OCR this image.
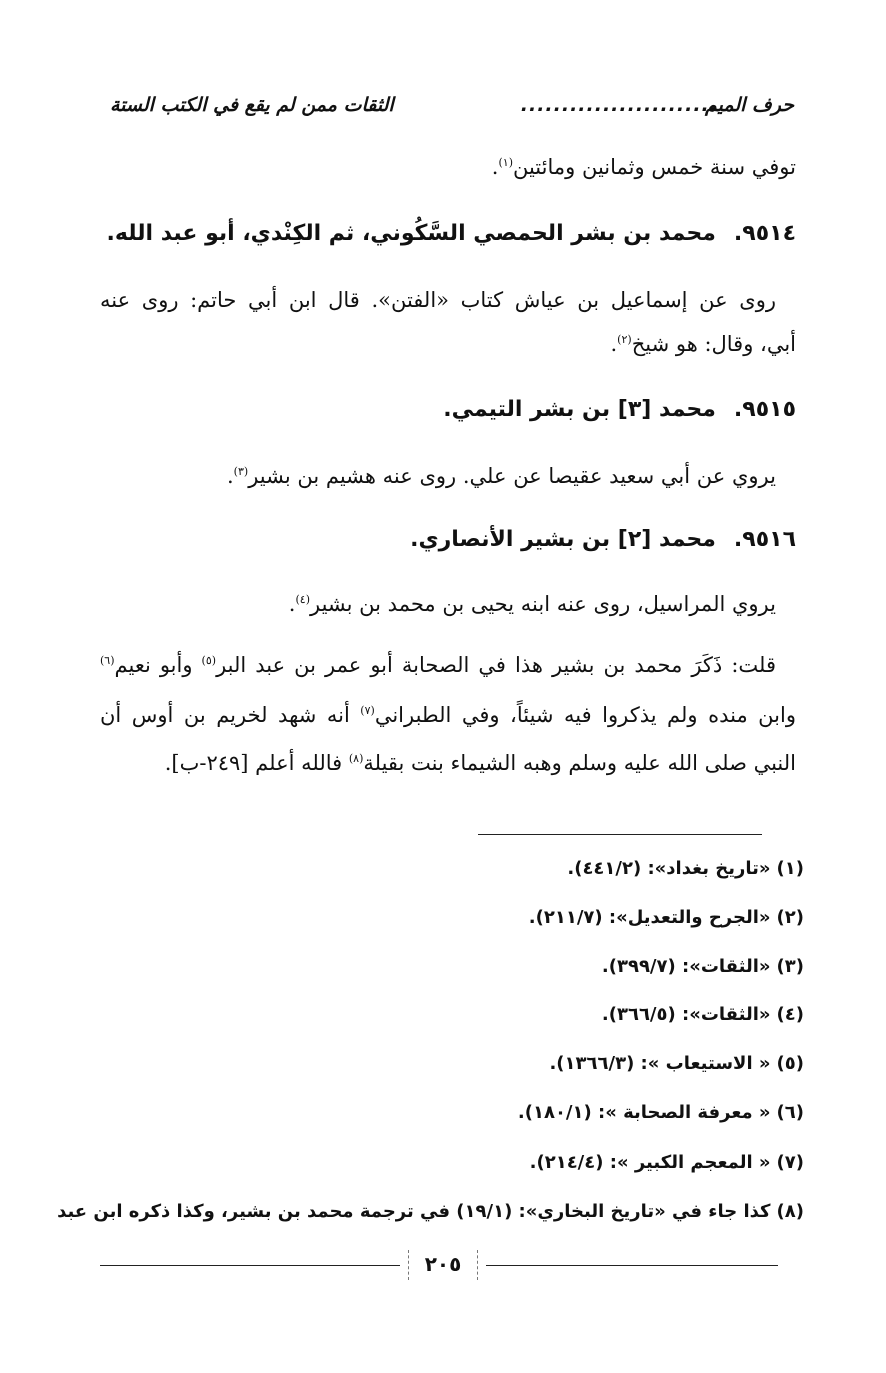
حرف الميم
........................
الثقات ممن لم يقع في الكتب الستة
توفي سنة خمس وثمانين ومائتين$^{(١)}$.
٩٥١٤.محمد بن بشر الحمصي السَّكُوني، ثم الكِنْدي، أبو عبد الله.
روى عن إسماعيل بن عياش كتاب «الفتن». قال ابن أبي حاتم: روى عنه
أبي، وقال: هو شيخ$^{(٢)}$.
٩٥١٥.محمد [٣] بن بشر التيمي.
يروي عن أبي سعيد عقيصا عن علي. روى عنه هشيم بن بشير$^{(٣)}$.
٩٥١٦.محمد [٢] بن بشير الأنصاري.
يروي المراسيل، روى عنه ابنه يحيى بن محمد بن بشير$^{(٤)}$.
قلت: ذَكَرَ محمد بن بشير هذا في الصحابة أبو عمر بن عبد البر$^{(٥)}$ وأبو نعيم$^{(٦)}$
وابن منده ولم يذكروا فيه شيئاً، وفي الطبراني$^{(٧)}$ أنه شهد لخريم بن أوس أن
النبي صلى الله عليه وسلم وهبه الشيماء بنت بقيلة$^{(٨)}$ فالله أعلم [٢٤٩-ب].
(١)«تاريخ بغداد»: (٤٤١/٢).
(٢)«الجرح والتعديل»: (٢١١/٧).
(٣)«الثقات»: (٣٩٩/٧).
(٤)«الثقات»: (٣٦٦/٥).
(٥)« الاستيعاب »: (١٣٦٦/٣).
(٦)« معرفة الصحابة »: (١٨٠/١).
(٧)« المعجم الكبير »: (٢١٤/٤).
(٨)كذا جاء في «تاريخ البخاري»: (١٩/١) في ترجمة محمد بن بشير، وكذا ذكره ابن عبد
٢٠٥
